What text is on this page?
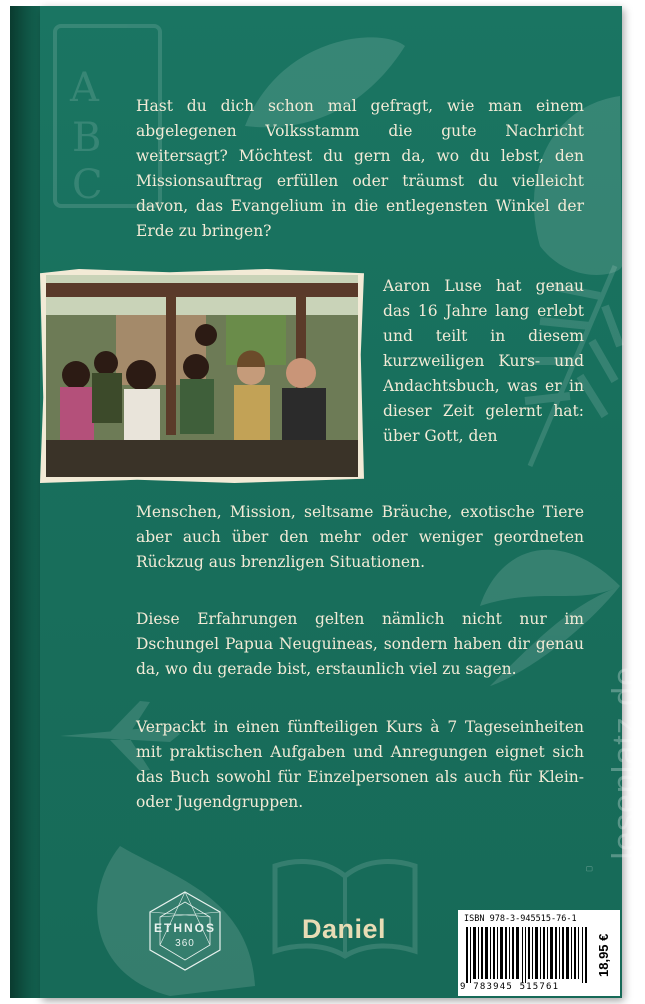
A
B
C

Hast du dich schon mal gefragt, wie man einem abgelegenen Volksstamm die gute Nachricht weitersagt? Möchtest du gern da, wo du lebst, den Missionsauftrag erfüllen oder träumst du vielleicht davon, das Evangelium in die entlegensten Winkel der Erde zu bringen?

Aaron Luse hat genau das 16 Jahre lang erlebt und teilt in diesem kurzweiligen Kurs- und Andachtsbuch, was er in dieser Zeit gelernt hat: über Gott, den

Menschen, Mission, seltsame Bräuche, exotische Tiere aber auch über den mehr oder weniger geordneten Rückzug aus brenzligen Situationen.

Diese Erfahrungen gelten nämlich nicht nur im Dschungel Papua Neuguineas, sondern haben dir genau da, wo du gerade bist, erstaunlich viel zu sagen.

Verpackt in einen fünfteiligen Kurs à 7 Tageseinheiten mit praktischen Aufgaben und Anregungen eignet sich das Buch sowohl für Einzelpersonen als auch für Klein- oder Jugendgruppen.	leseplatz.de
ETHNOS
360	Daniel	ISBN 978-3-945515-76-1
9 783945 515761
18,95 €
